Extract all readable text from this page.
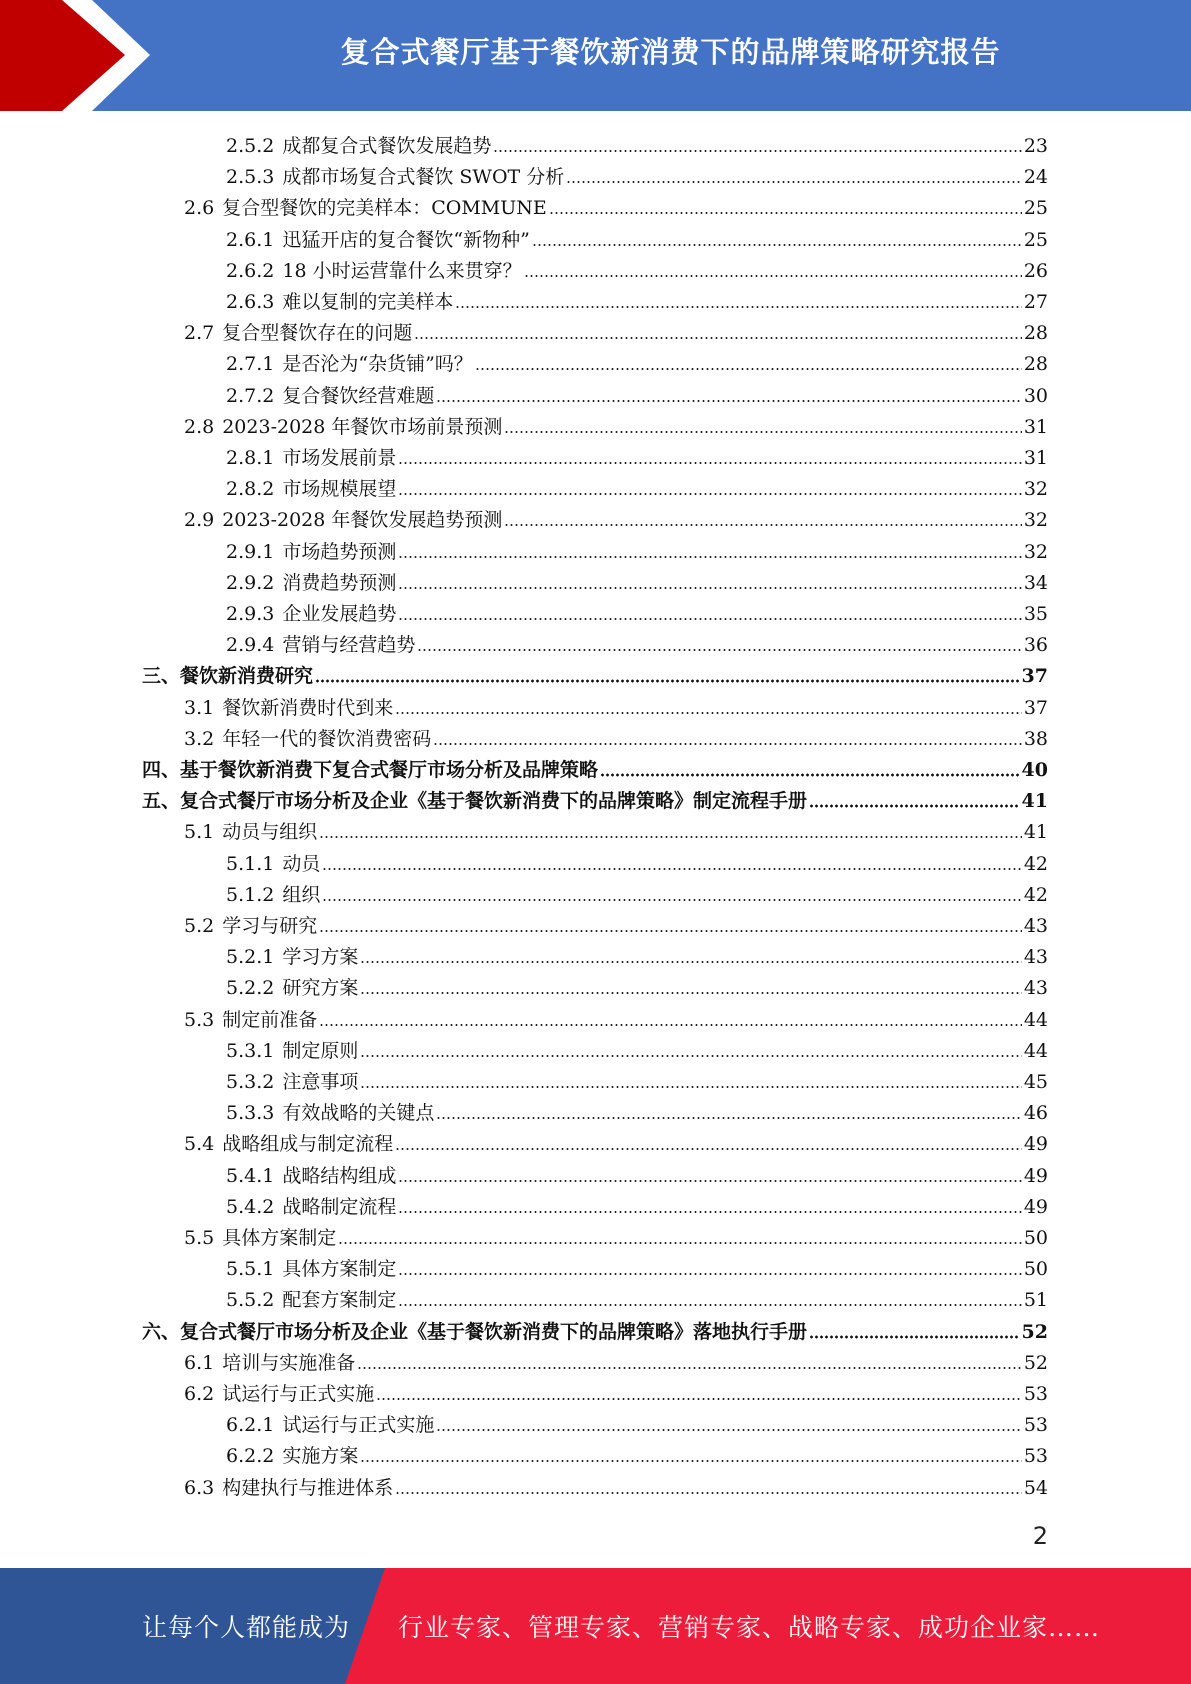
复合式餐厅基于餐饮新消费下的品牌策略研究报告
2.5.2 成都复合式餐饮发展趋势	23
2.5.3 成都市场复合式餐饮 SWOT 分析	24
2.6 复合型餐饮的完美样本：COMMUNE	25
2.6.1 迅猛开店的复合餐饮“新物种”	25
2.6.2 18 小时运营靠什么来贯穿？	26
2.6.3 难以复制的完美样本	27
2.7 复合型餐饮存在的问题	28
2.7.1 是否沦为“杂货铺”吗？	28
2.7.2 复合餐饮经营难题	30
2.8 2023-2028 年餐饮市场前景预测	31
2.8.1 市场发展前景	31
2.8.2 市场规模展望	32
2.9 2023-2028 年餐饮发展趋势预测	32
2.9.1 市场趋势预测	32
2.9.2 消费趋势预测	34
2.9.3 企业发展趋势	35
2.9.4 营销与经营趋势	36
三、 餐饮新消费研究	37
3.1 餐饮新消费时代到来	37
3.2 年轻一代的餐饮消费密码	38
四、 基于餐饮新消费下复合式餐厅市场分析及品牌策略	40
五、 复合式餐厅市场分析及企业《基于餐饮新消费下的品牌策略》制定流程手册	41
5.1 动员与组织	41
5.1.1 动员	42
5.1.2 组织	42
5.2 学习与研究	43
5.2.1 学习方案	43
5.2.2 研究方案	43
5.3 制定前准备	44
5.3.1 制定原则	44
5.3.2 注意事项	45
5.3.3 有效战略的关键点	46
5.4 战略组成与制定流程	49
5.4.1 战略结构组成	49
5.4.2 战略制定流程	49
5.5 具体方案制定	50
5.5.1 具体方案制定	50
5.5.2 配套方案制定	51
六、 复合式餐厅市场分析及企业《基于餐饮新消费下的品牌策略》落地执行手册	52
6.1 培训与实施准备	52
6.2 试运行与正式实施	53
6.2.1 试运行与正式实施	53
6.2.2 实施方案	53
6.3 构建执行与推进体系	54
2
让每个人都能成为 行业专家、管理专家、营销专家、战略专家、成功企业家……
